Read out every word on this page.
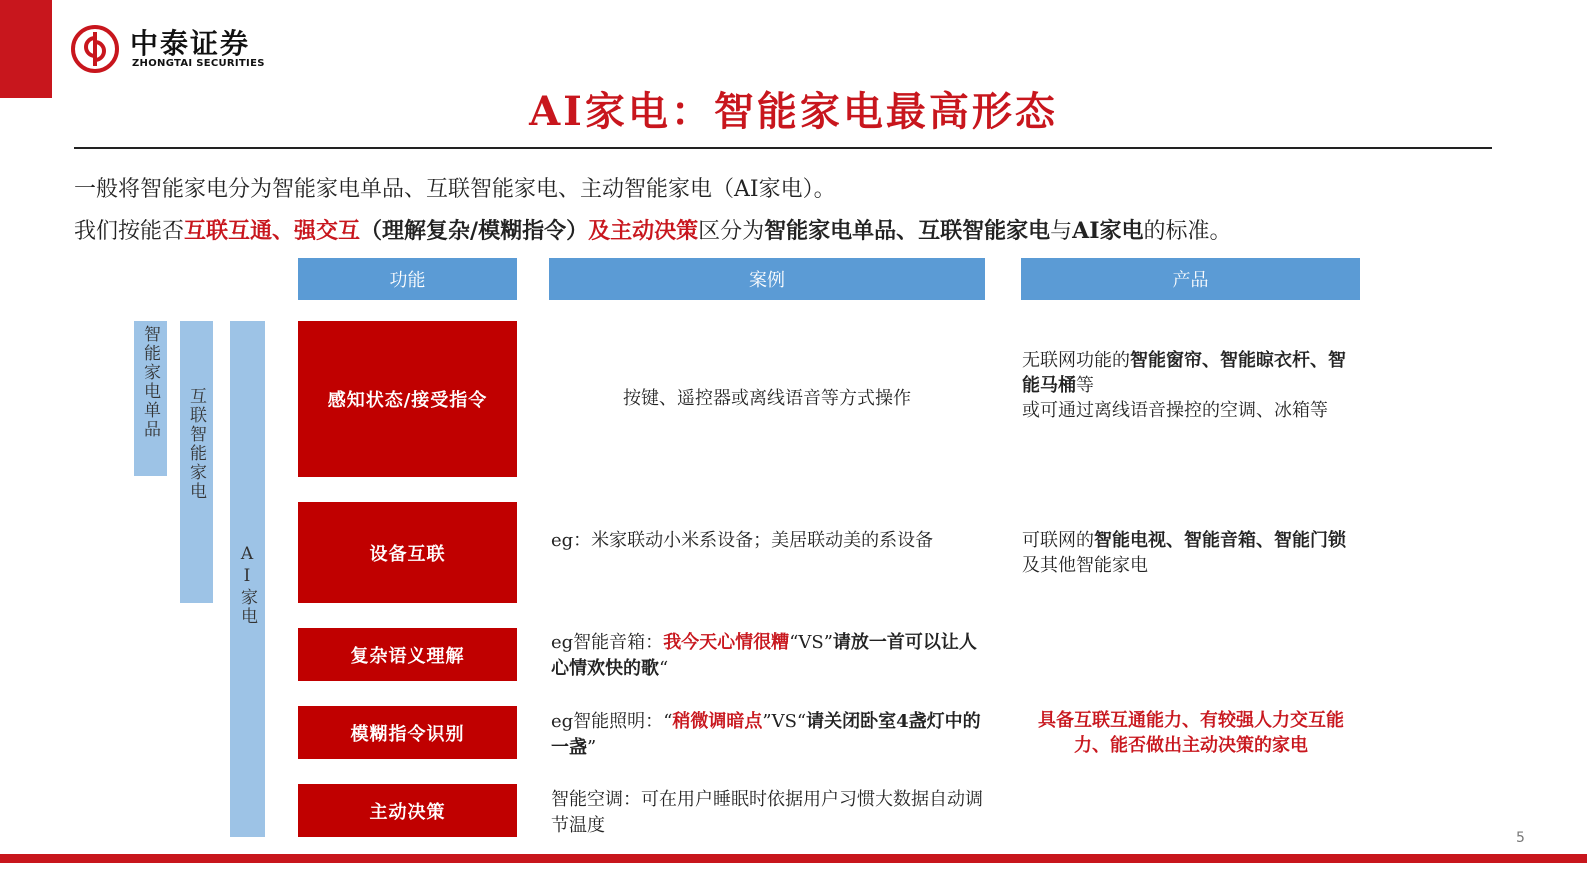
中泰证券
ZHONGTAI SECURITIES
AI家电：智能家电最高形态
一般将智能家电分为智能家电单品、互联智能家电、主动智能家电（AI家电）。
我们按能否互联互通、强交互（理解复杂/模糊指令）及主动决策区分为智能家电单品、互联智能家电与AI家电的标准。
功能	案例	产品
智能家电单品
互联智能家电
AI家电
感知状态/接受指令
设备互联
复杂语义理解
模糊指令识别
主动决策
按键、遥控器或离线语音等方式操作
eg：米家联动小米系设备；美居联动美的系设备
eg智能音箱：我今天心情很糟“VS”请放一首可以让人心情欢快的歌“
eg智能照明：“稍微调暗点”VS“请关闭卧室4盏灯中的一盏”
智能空调：可在用户睡眠时依据用户习惯大数据自动调节温度
无联网功能的智能窗帘、智能晾衣杆、智能马桶等
或可通过离线语音操控的空调、冰箱等
可联网的智能电视、智能音箱、智能门锁及其他智能家电
具备互联互通能力、有较强人力交互能力、能否做出主动决策的家电
5
